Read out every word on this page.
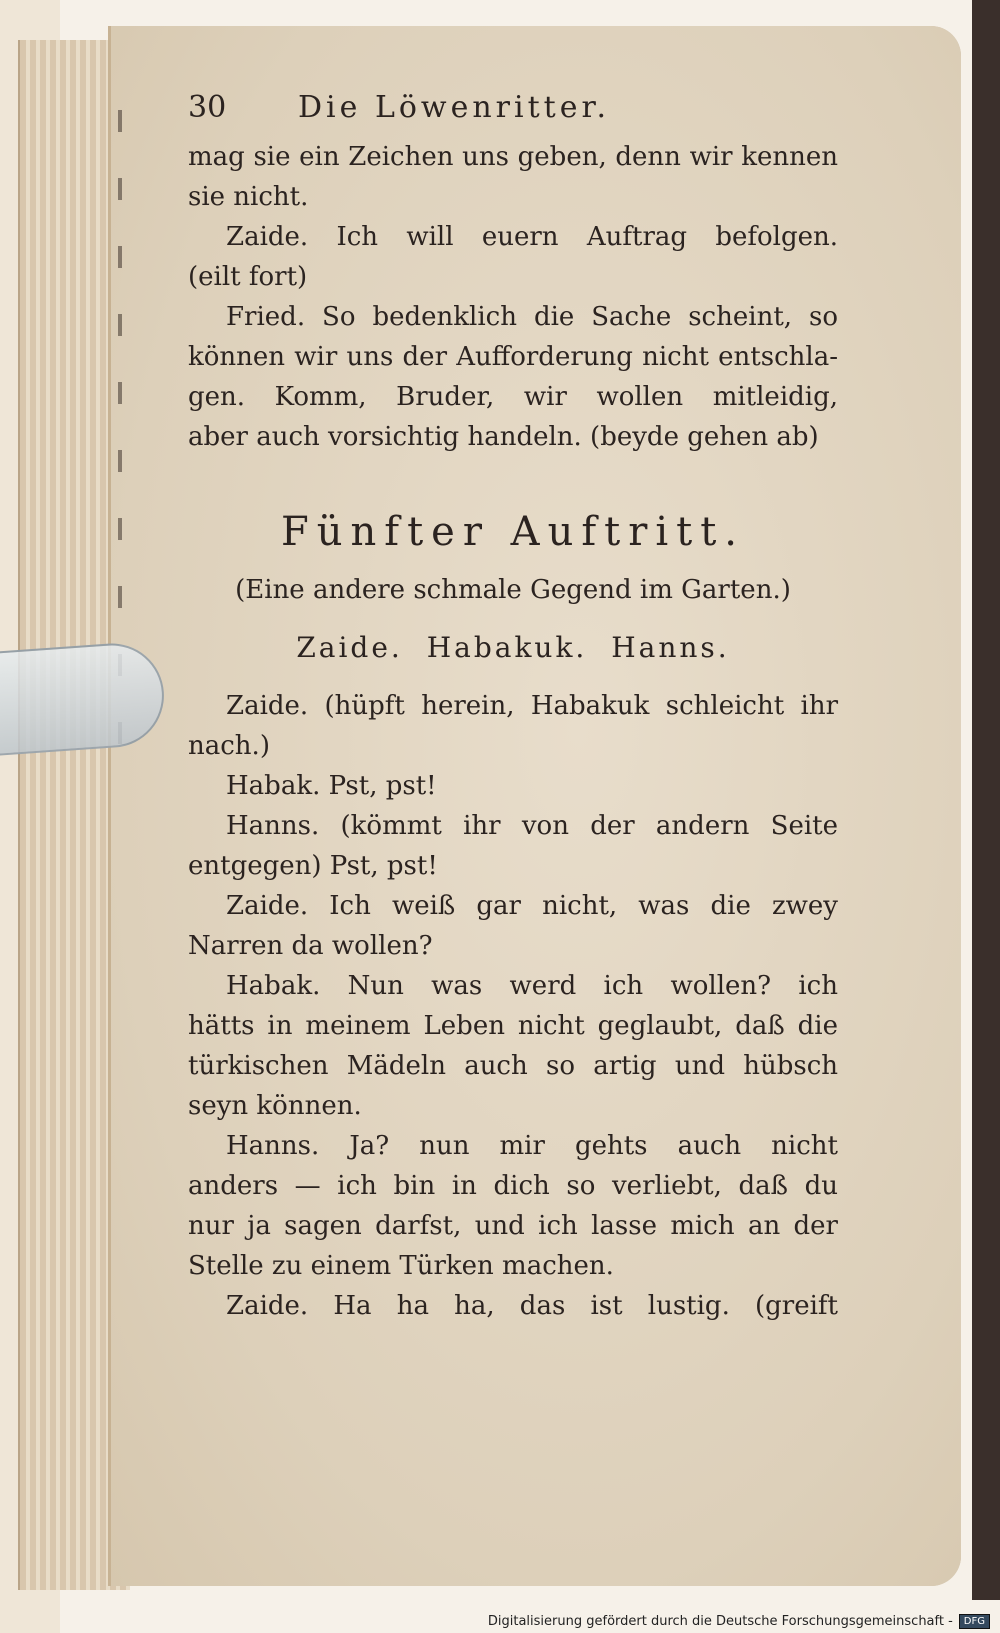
30	Die Löwenritter.
mag sie ein Zeichen uns geben, denn wir kennen
sie nicht.
Zaide. Ich will euern Auftrag befolgen.
(eilt fort)
Fried. So bedenklich die Sache scheint, so
können wir uns der Aufforderung nicht entschla-
gen. Komm, Bruder, wir wollen mitleidig,
aber auch vorsichtig handeln. (beyde gehen ab)
Fünfter Auftritt.
(Eine andere schmale Gegend im Garten.)
Zaide. Habakuk. Hanns.
Zaide. (hüpft herein, Habakuk schleicht ihr
nach.)
Habak. Pst, pst!
Hanns. (kömmt ihr von der andern Seite
entgegen) Pst, pst!
Zaide. Ich weiß gar nicht, was die zwey
Narren da wollen?
Habak. Nun was werd ich wollen? ich
hätts in meinem Leben nicht geglaubt, daß die
türkischen Mädeln auch so artig und hübsch
seyn können.
Hanns. Ja? nun mir gehts auch nicht
anders — ich bin in dich so verliebt, daß du
nur ja sagen darfst, und ich lasse mich an der
Stelle zu einem Türken machen.
Zaide. Ha ha ha, das ist lustig. (greift
Digitalisierung gefördert durch die Deutsche Forschungsgemeinschaft -	DFG
